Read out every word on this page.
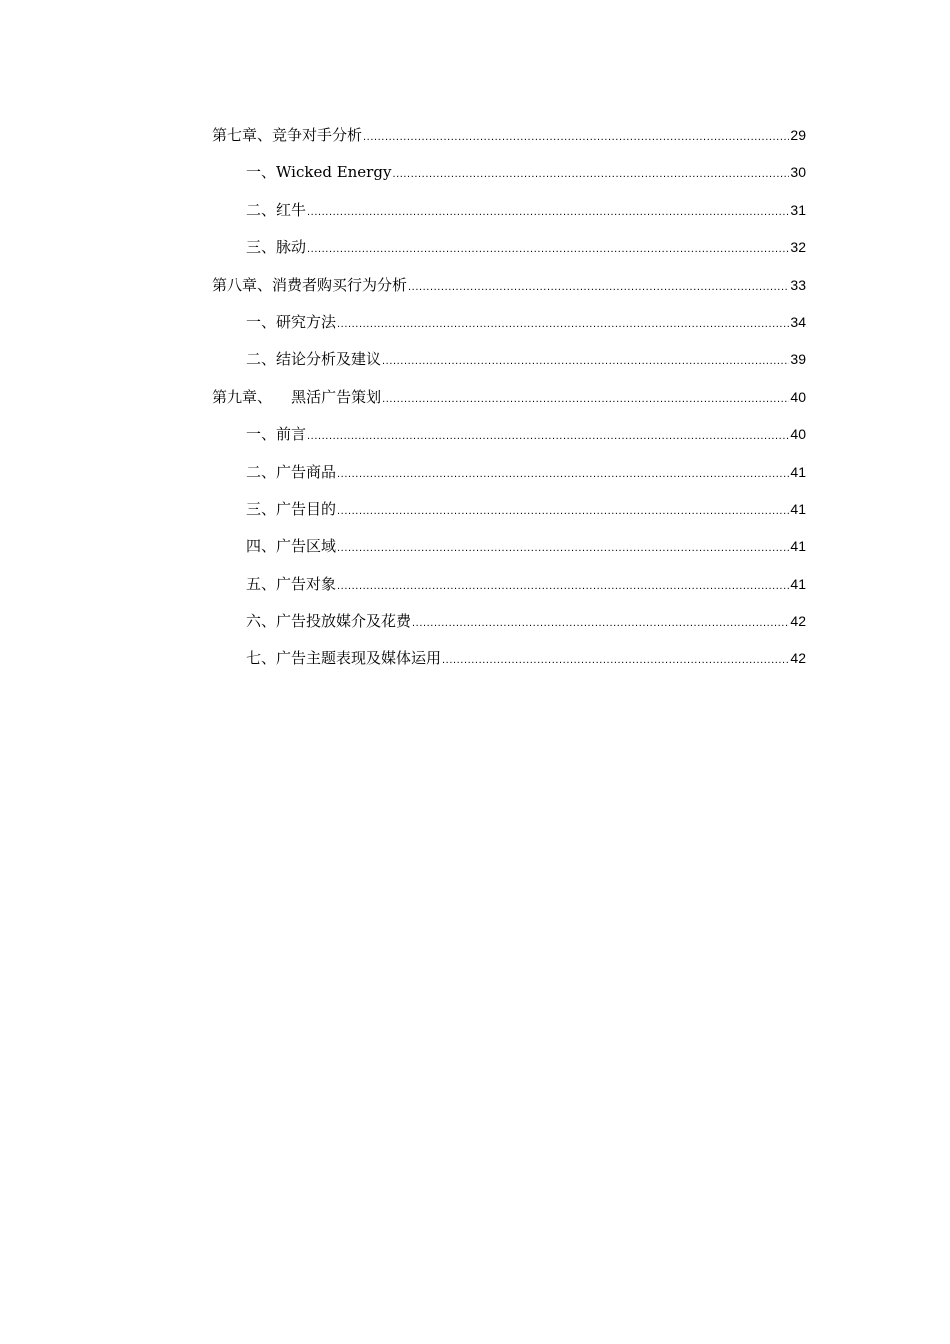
第七章、竞争对手分析 .....	29
一、Wicked Energy .....	30
二、红牛 .....	31
三、脉动 .....	32
第八章、消费者购买行为分析 .....	33
一、研究方法 .....	34
二、结论分析及建议 .....	39
第九章、    黑活广告策划 .....	40
一、前言 .....	40
二、广告商品 .....	41
三、广告目的 .....	41
四、广告区域 .....	41
五、广告对象 .....	41
六、广告投放媒介及花费 .....	42
七、广告主题表现及媒体运用 .....	42
